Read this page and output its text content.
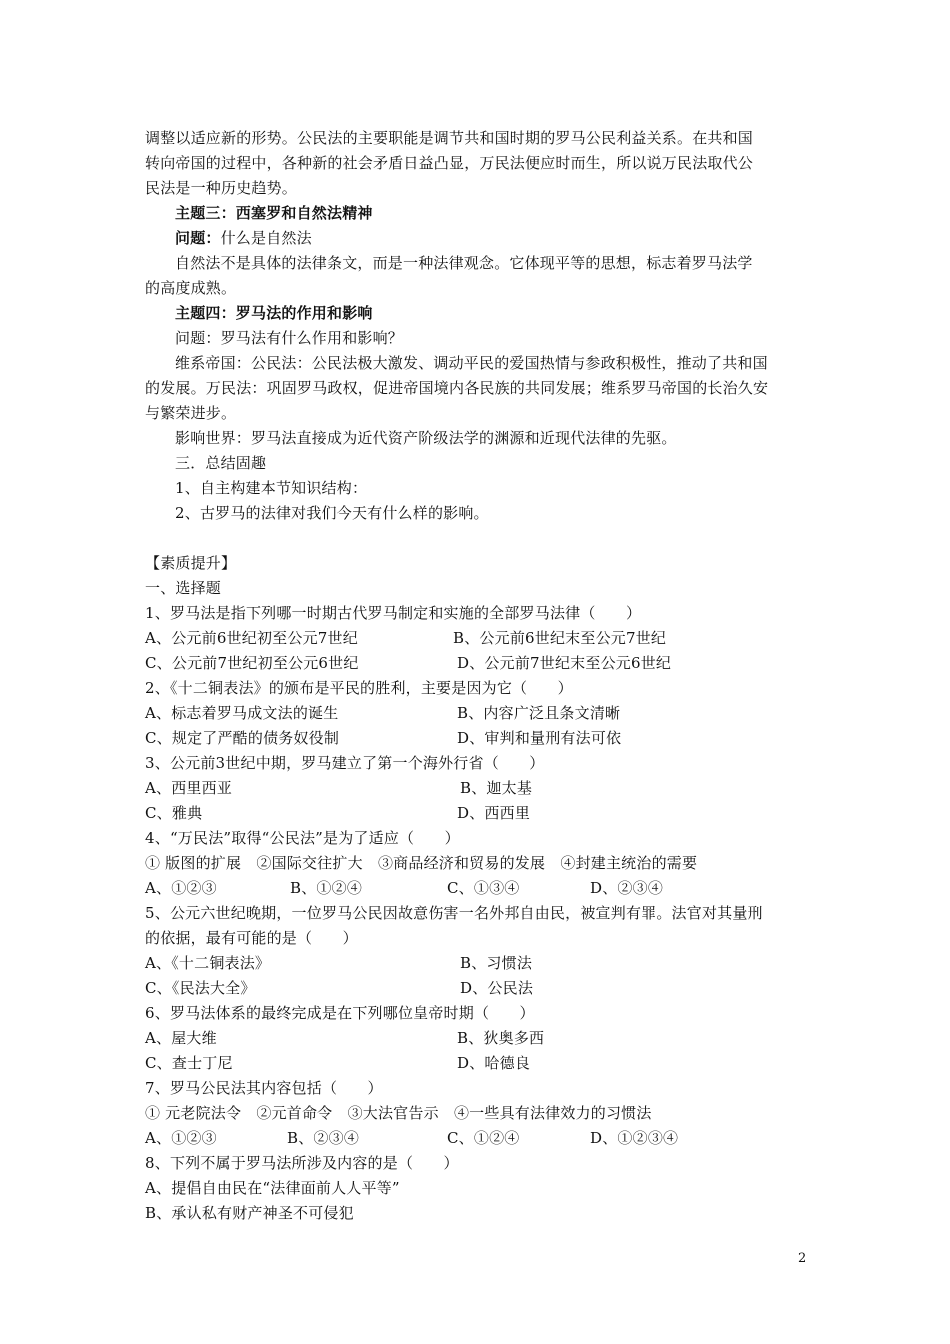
调整以适应新的形势。公民法的主要职能是调节共和国时期的罗马公民利益关系。在共和国
转向帝国的过程中，各种新的社会矛盾日益凸显，万民法便应时而生，所以说万民法取代公
民法是一种历史趋势。
主题三：西塞罗和自然法精神
问题：什么是自然法
自然法不是具体的法律条文，而是一种法律观念。它体现平等的思想，标志着罗马法学
的高度成熟。
主题四：罗马法的作用和影响
问题：罗马法有什么作用和影响？
维系帝国：公民法：公民法极大激发、调动平民的爱国热情与参政积极性，推动了共和国
的发展。万民法：巩固罗马政权，促进帝国境内各民族的共同发展；维系罗马帝国的长治久安
与繁荣进步。
影响世界：罗马法直接成为近代资产阶级法学的渊源和近现代法律的先驱。
三．总结固趣
1、自主构建本节知识结构：
2、古罗马的法律对我们今天有什么样的影响。
【素质提升】
一、选择题
1、罗马法是指下列哪一时期古代罗马制定和实施的全部罗马法律（　　）
A、公元前6世纪初至公元7世纪	B、公元前6世纪末至公元7世纪
C、公元前7世纪初至公元6世纪	D、公元前7世纪末至公元6世纪
2、《十二铜表法》的颁布是平民的胜利，主要是因为它（　　）
A、标志着罗马成文法的诞生	B、内容广泛且条文清晰
C、规定了严酷的债务奴役制	D、审判和量刑有法可依
3、公元前3世纪中期，罗马建立了第一个海外行省（　　）
A、西里西亚	B、迦太基
C、雅典	D、西西里
4、“万民法”取得“公民法”是为了适应（　　）
① 版图的扩展　②国际交往扩大　③商品经济和贸易的发展　④封建主统治的需要
A、①②③	B、①②④	C、①③④	D、②③④
5、公元六世纪晚期，一位罗马公民因故意伤害一名外邦自由民，被宣判有罪。法官对其量刑
的依据，最有可能的是（　　）
A、《十二铜表法》	B、习惯法
C、《民法大全》	D、公民法
6、罗马法体系的最终完成是在下列哪位皇帝时期（　　）
A、屋大维	B、狄奥多西
C、查士丁尼	D、哈德良
7、罗马公民法其内容包括（　　）
① 元老院法令　②元首命令　③大法官告示　④一些具有法律效力的习惯法
A、①②③	B、②③④	C、①②④	D、①②③④
8、下列不属于罗马法所涉及内容的是（　　）
A、提倡自由民在“法律面前人人平等”
B、承认私有财产神圣不可侵犯
2
